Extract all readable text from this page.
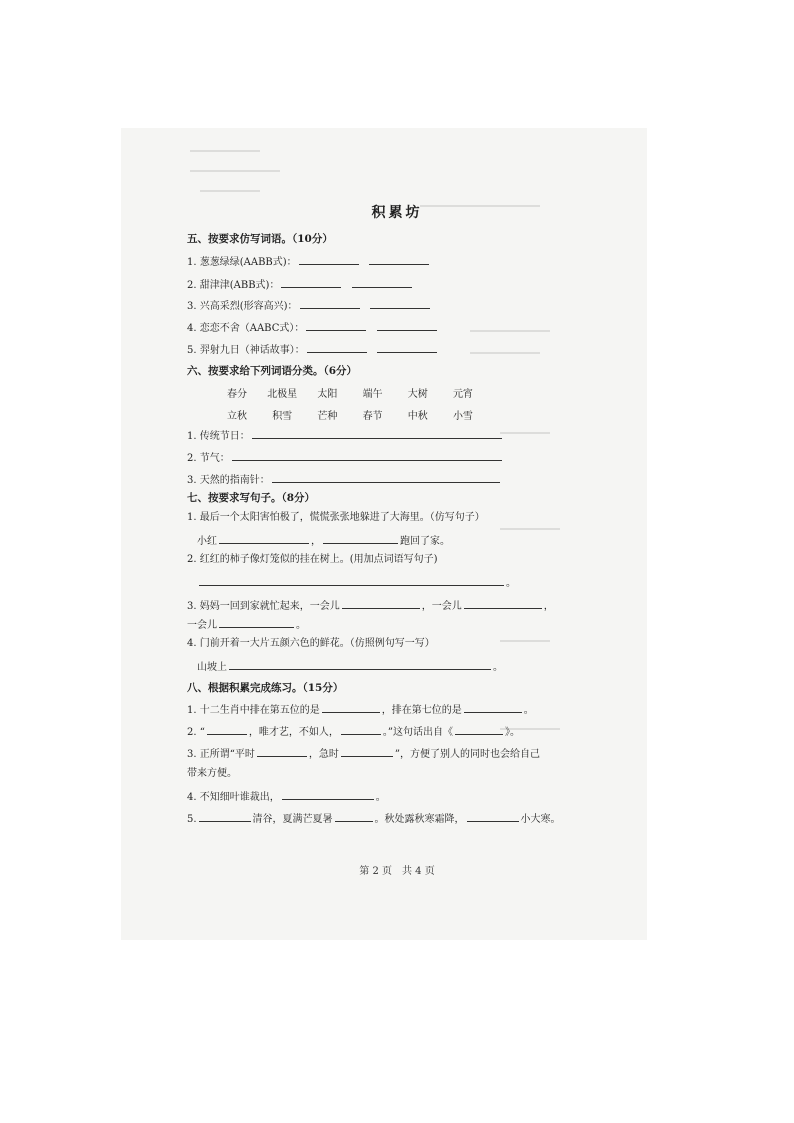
积累坊
五、按要求仿写词语。（10分）
1. 葱葱绿绿(AABB式)：
2. 甜津津(ABB式)：
3. 兴高采烈(形容高兴)：
4. 恋恋不舍（AABC式）：
5. 羿射九日（神话故事）：
六、按要求给下列词语分类。（6分）
春分 北极星 太阳	端午	大树	元宵
立秋	积雪	芒种	春节	中秋	小雪
1. 传统节日：
2. 节气：
3. 天然的指南针：
七、按要求写句子。（8分）
1. 最后一个太阳害怕极了，慌慌张张地躲进了大海里。（仿写句子）
小红	，	跑回了家。
2. 红红的柿子像灯笼似的挂在树上。(用加点词语写句子)
。
3. 妈妈一回到家就忙起来，一会儿	，一会儿	，
一会儿	。
4. 门前开着一大片五颜六色的鲜花。（仿照例句写一写）
山坡上	。
八、根据积累完成练习。（15分）
1. 十二生肖中排在第五位的是	，排在第七位的是	。
2. “	，唯才艺，不如人，	。”这句话出自《	》。
3. 正所谓“平时	，急时	”，方便了别人的同时也会给自己
带来方便。
4. 不知细叶谁裁出，	。
5.	清谷，夏满芒夏暑	。秋处露秋寒霜降，	小大寒。
第 2 页　共 4 页
